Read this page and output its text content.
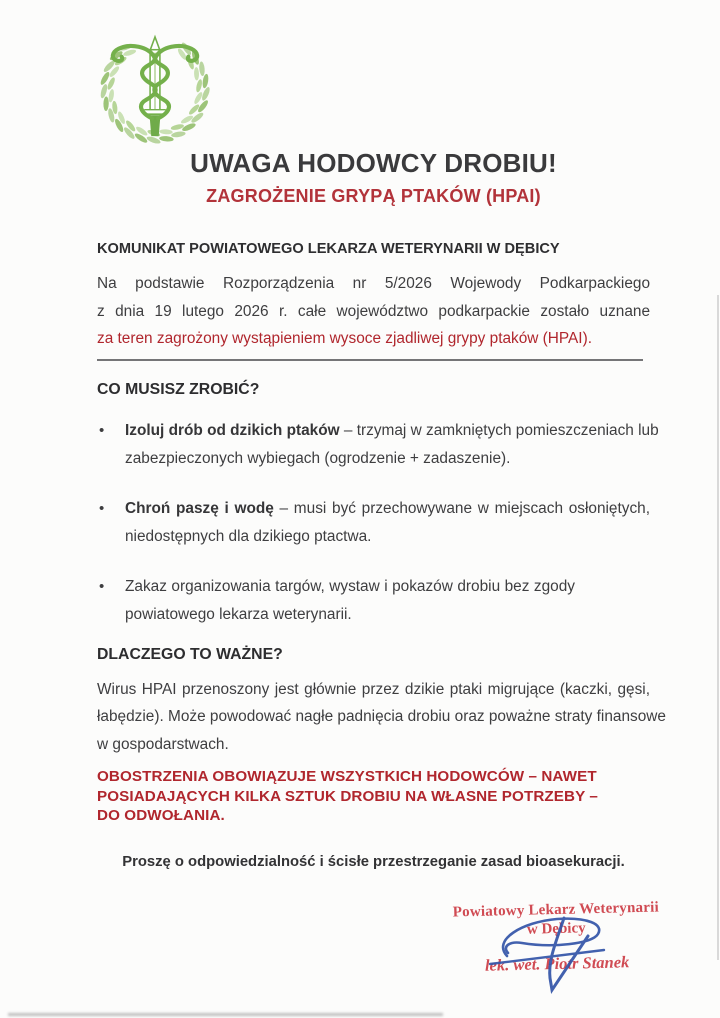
UWAGA HODOWCY DROBIU!
ZAGROŻENIE GRYPĄ PTAKÓW (HPAI)
KOMUNIKAT POWIATOWEGO LEKARZA WETERYNARII W DĘBICY
Na podstawie Rozporządzenia nr 5/2026 Wojewody Podkarpackiego
z dnia 19 lutego 2026 r. całe województwo podkarpackie zostało uznane
za teren zagrożony wystąpieniem wysoce zjadliwej grypy ptaków (HPAI).
CO MUSISZ ZROBIĆ?
•	Izoluj drób od dzikich ptaków – trzymaj w zamkniętych pomieszczeniach lub
zabezpieczonych wybiegach (ogrodzenie + zadaszenie).
•	Chroń paszę i wodę – musi być przechowywane w miejscach osłoniętych,
niedostępnych dla dzikiego ptactwa.
•	Zakaz organizowania targów, wystaw i pokazów drobiu bez zgody
powiatowego lekarza weterynarii.
DLACZEGO TO WAŻNE?
Wirus HPAI przenoszony jest głównie przez dzikie ptaki migrujące (kaczki, gęsi,
łabędzie). Może powodować nagłe padnięcia drobiu oraz poważne straty finansowe
w gospodarstwach.
OBOSTRZENIA OBOWIĄZUJE WSZYSTKICH HODOWCÓW – NAWET
POSIADAJĄCYCH KILKA SZTUK DROBIU NA WŁASNE POTRZEBY –
DO ODWOŁANIA.
Proszę o odpowiedzialność i ścisłe przestrzeganie zasad bioasekuracji.
Powiatowy Lekarz Weterynarii
w Dębicy
lek. wet. Piotr Stanek
